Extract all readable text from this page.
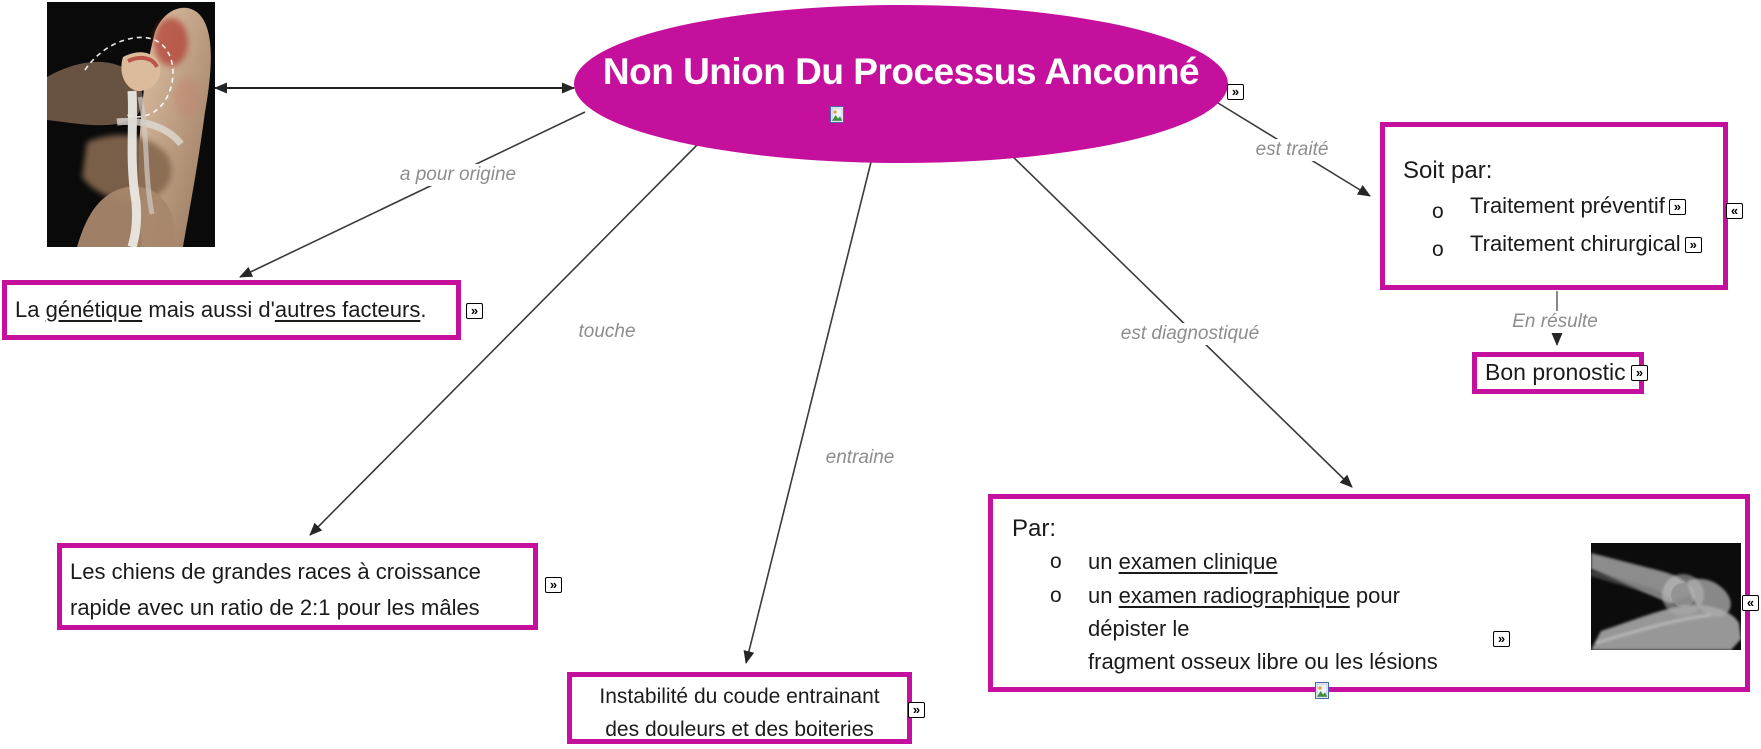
Non Union Du Processus Anconné	»
a pour origine
touche
entraine
est diagnostiqué
est traité
En résulte
La génétique mais aussi d'autres facteurs.	»
Les chiens de grandes races à croissance
rapide avec un ratio de 2:1 pour les mâles
»
Instabilité du coude entrainant
des douleurs et des boiteries
»
Par:
o un examen clinique
o un examen radiographique pour dépister le
fragment osseux libre ou les lésions
»
«
Soit par:
o Traitement préventif »
o Traitement chirurgical »
«
Bon pronostic »
